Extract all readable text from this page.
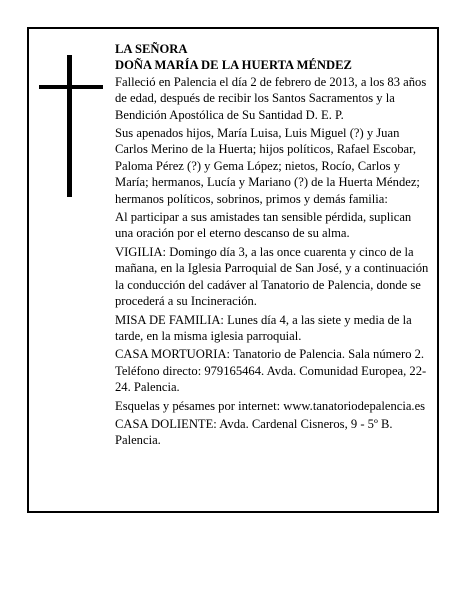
LA SEÑORA

DOÑA MARÍA DE LA HUERTA MÉNDEZ

Falleció en Palencia el día 2 de febrero de 2013, a los 83 años de edad, después de recibir los Santos Sacramentos y la Bendición Apostólica de Su Santidad D. E. P.

Sus apenados hijos, María Luisa, Luis Miguel (?) y Juan Carlos Merino de la Huerta; hijos políticos, Rafael Escobar, Paloma Pérez (?) y Gema López; nietos, Rocío, Carlos y María; hermanos, Lucía y Mariano (?) de la Huerta Méndez; hermanos políticos, sobrinos, primos y demás familia:

Al participar a sus amistades tan sensible pérdida, suplican una oración por el eterno descanso de su alma.

VIGILIA: Domingo día 3, a las once cuarenta y cinco de la mañana, en la Iglesia Parroquial de San José, y a continuación la conducción del cadáver al Tanatorio de Palencia, donde se procederá a su Incineración.

MISA DE FAMILIA: Lunes día 4, a las siete y media de la tarde, en la misma iglesia parroquial.

CASA MORTUORIA: Tanatorio de Palencia. Sala número 2. Teléfono directo: 979165464. Avda. Comunidad Europea, 22-24. Palencia.

Esquelas y pésames por internet: www.tanatoriodepalencia.es

CASA DOLIENTE: Avda. Cardenal Cisneros, 9 - 5º B. Palencia.
